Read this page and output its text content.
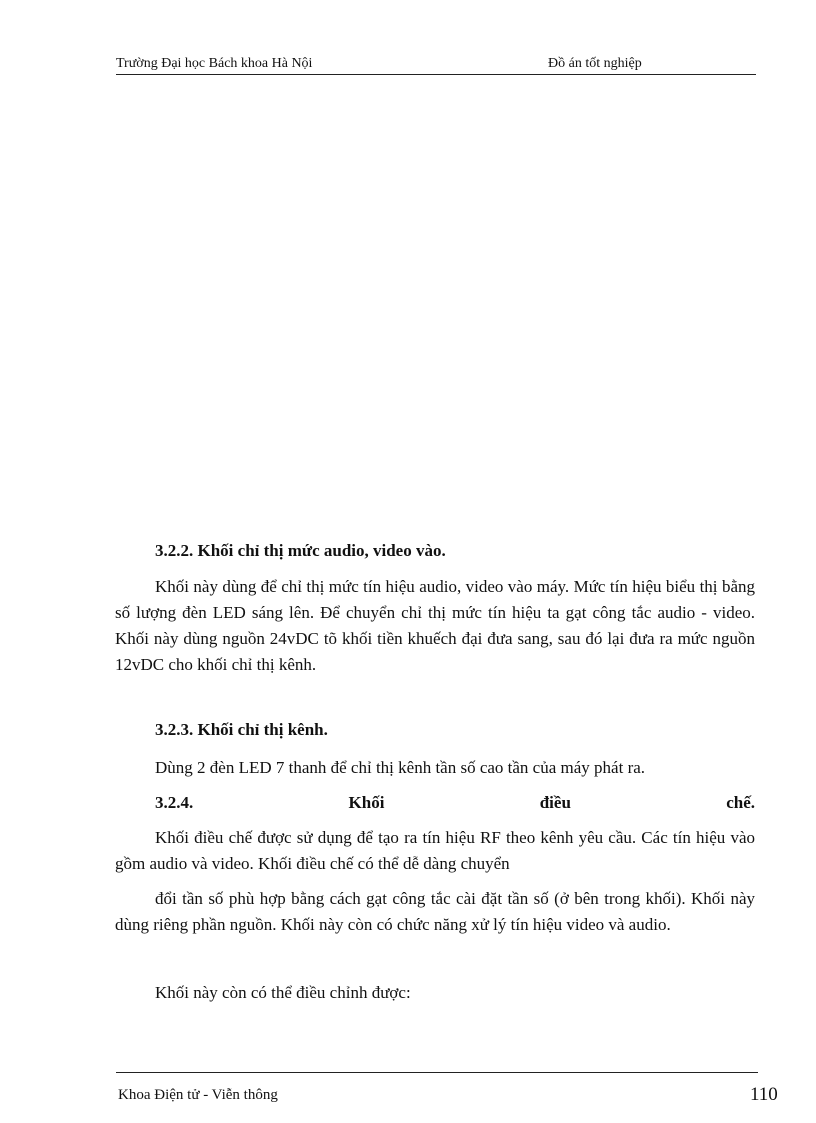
Trường Đại học Bách khoa Hà Nội	Đồ án tốt nghiệp

3.2.2. Khối chỉ thị mức audio, video vào.

Khối này dùng để chỉ thị mức tín hiệu audio, video vào máy. Mức tín hiệu biểu thị bằng số lượng đèn LED sáng lên. Để chuyển chỉ thị mức tín hiệu ta gạt công tắc audio - video. Khối này dùng nguồn 24vDC tõ khối tiền khuếch đại đưa sang, sau đó lại đưa ra mức nguồn 12vDC cho khối chỉ thị kênh.

3.2.3. Khối chỉ thị kênh.

Dùng 2 đèn LED 7 thanh để chỉ thị kênh tần số cao tần của máy phát ra.

3.2.4.	Khối	điều	chế.

Khối điều chế được sử dụng để tạo ra tín hiệu RF theo kênh yêu cầu. Các tín hiệu vào gồm audio và video. Khối điều chế có thể dễ dàng chuyển

đổi tần số phù hợp bằng cách gạt công tắc cài đặt tần số (ở bên trong khối). Khối này dùng riêng phần nguồn. Khối này còn có chức năng xử lý tín hiệu video và audio.

Khối này còn có thể điều chỉnh được:

Khoa Điện tử - Viễn thông	110
